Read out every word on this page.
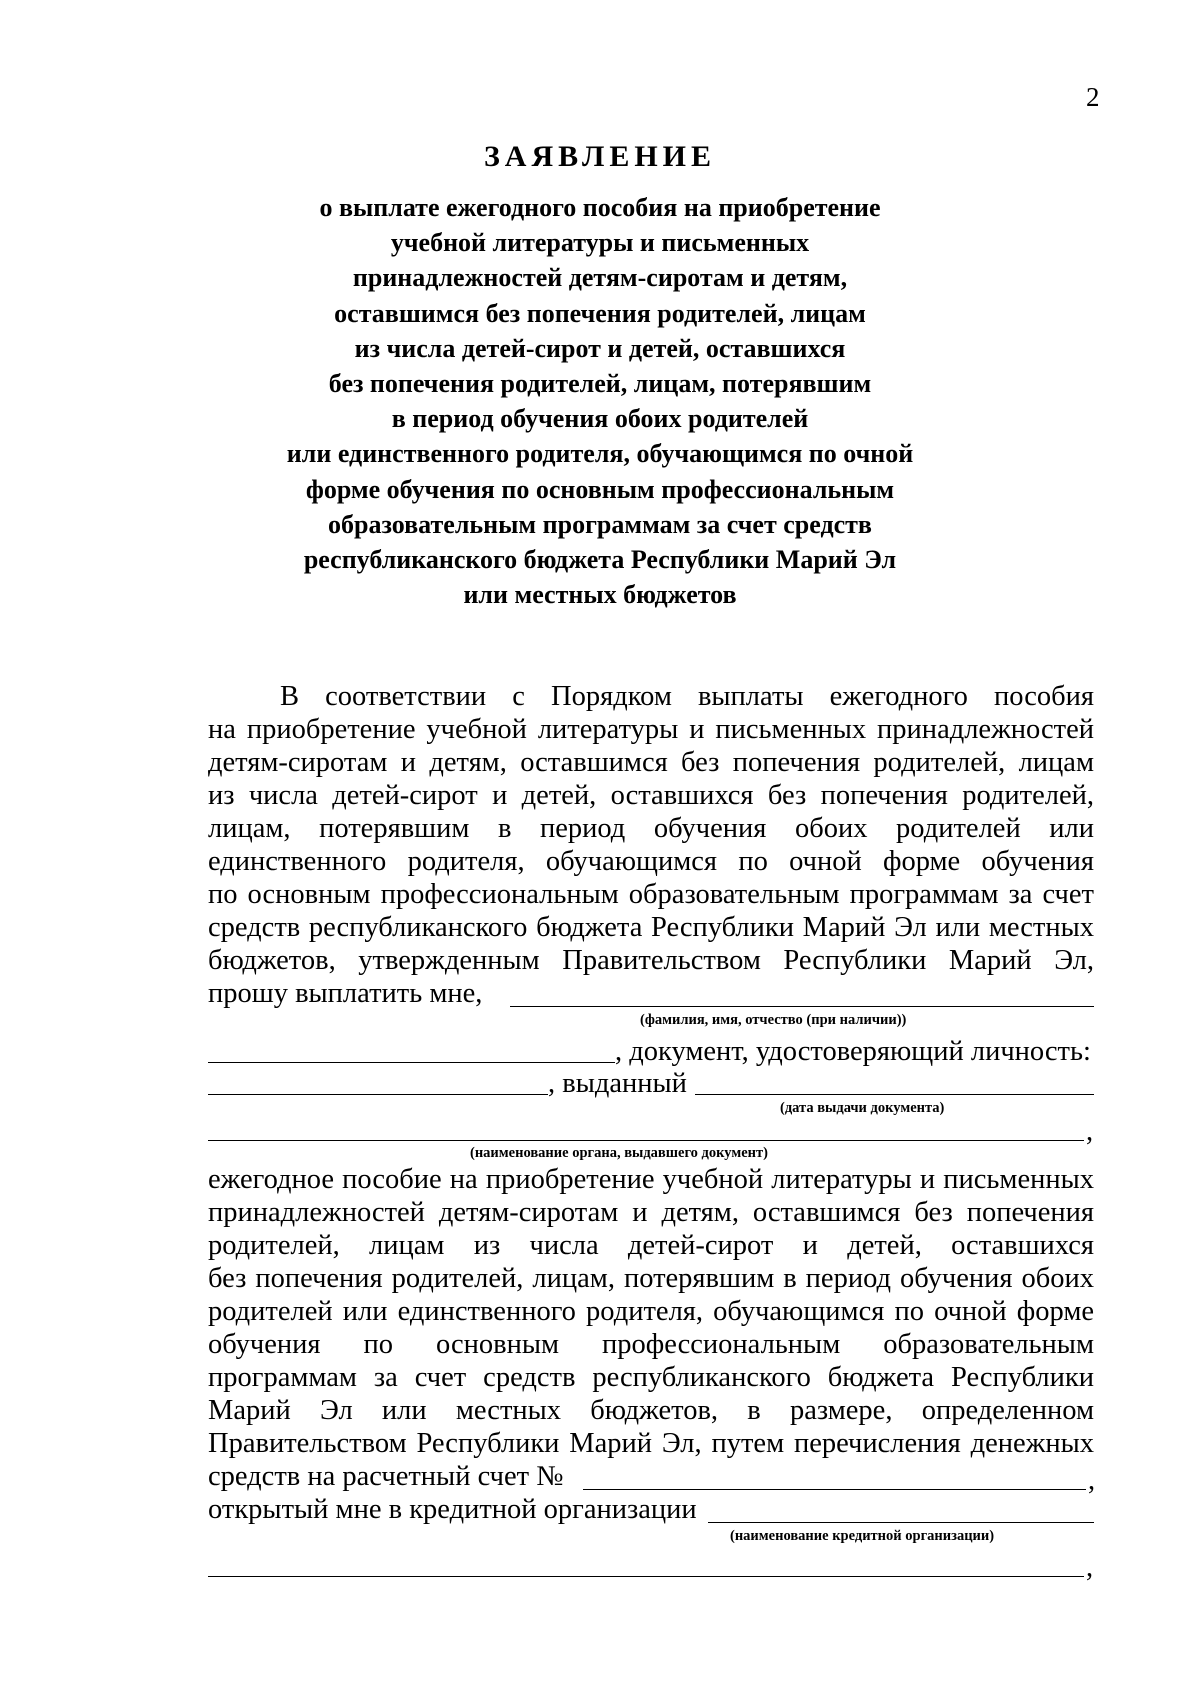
2
ЗАЯВЛЕНИЕ
о выплате ежегодного пособия на приобретение
учебной литературы и письменных
принадлежностей детям-сиротам и детям,
оставшимся без попечения родителей, лицам
из числа детей-сирот и детей, оставшихся
без попечения родителей, лицам, потерявшим
в период обучения обоих родителей
или единственного родителя, обучающимся по очной
форме обучения по основным профессиональным
образовательным программам за счет средств
республиканского бюджета Республики Марий Эл
или местных бюджетов
В соответствии с Порядком выплаты ежегодного пособия
на приобретение учебной литературы и письменных принадлежностей
детям-сиротам и детям, оставшимся без попечения родителей, лицам
из числа детей-сирот и детей, оставшихся без попечения родителей,
лицам, потерявшим в период обучения обоих родителей или
единственного родителя, обучающимся по очной форме обучения
по основным профессиональным образовательным программам за счет
средств республиканского бюджета Республики Марий Эл или местных
бюджетов, утвержденным Правительством Республики Марий Эл,
прошу выплатить мне,
(фамилия, имя, отчество (при наличии))
, документ, удостоверяющий личность:
, выданный
(дата выдачи документа)
,
(наименование органа, выдавшего документ)
ежегодное пособие на приобретение учебной литературы и письменных
принадлежностей детям-сиротам и детям, оставшимся без попечения
родителей, лицам из числа детей-сирот и детей, оставшихся
без попечения родителей, лицам, потерявшим в период обучения обоих
родителей или единственного родителя, обучающимся по очной форме
обучения по основным профессиональным образовательным
программам за счет средств республиканского бюджета Республики
Марий Эл или местных бюджетов, в размере, определенном
Правительством Республики Марий Эл, путем перечисления денежных
средств на расчетный счет №	,
открытый мне в кредитной организации
(наименование кредитной организации)
,
